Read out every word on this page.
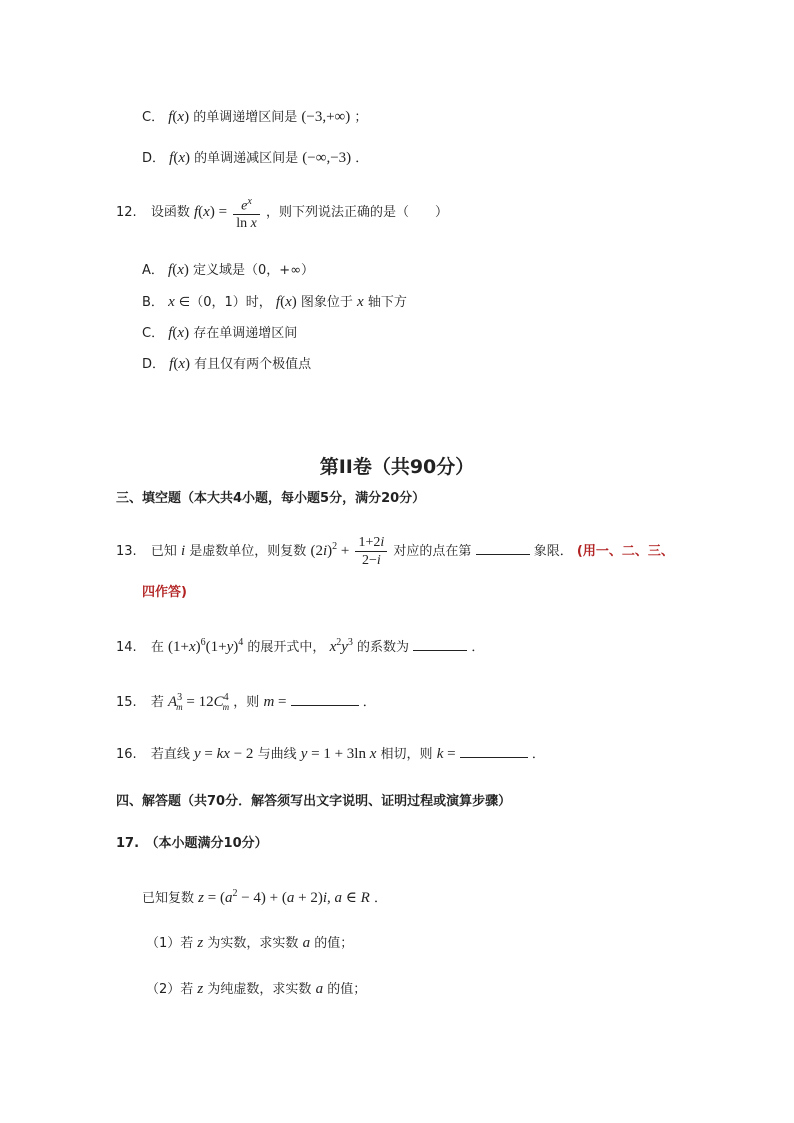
C． f(x) 的单调递增区间是 (−3,+∞) ；
D． f(x) 的单调递减区间是 (−∞,−3) ．
12. 设函数 $f(x) = \frac{e^x}{\text{ln x}}$ ，则下列说法正确的是（　　）
A． f(x) 定义域是（0，+∞）
B． x ∈（0，1）时， f(x) 图象位于 x 轴下方
C． f(x) 存在单调递增区间
D． f(x) 有且仅有两个极值点
第II卷（共90分）
三、填空题（本大共4小题，每小题5分，满分20分）
13. 已知 i 是虚数单位，则复数 $(2i)^2 + \frac{1+2i}{2-i}$ 对应的点在第	象限． (用一、二、三、
四作答)
14. 在 $(1+x)^6(1+y)^4$ 的展开式中， $x^2y^3$ 的系数为	．
15. 若 $A^3_m = 12C^4_m$ ，则 m =	．
16. 若直线 y = kx − 2 与曲线 y = 1 + 3ln x 相切，则 k =	．
四、解答题（共70分．解答须写出文字说明、证明过程或演算步骤）
17.　（本小题满分10分）
已知复数 $z = (a^2 - 4) + (a + 2)i$, a ∈ R ．
（1）若 z 为实数，求实数 a 的值；
（2）若 z 为纯虚数，求实数 a 的值；
